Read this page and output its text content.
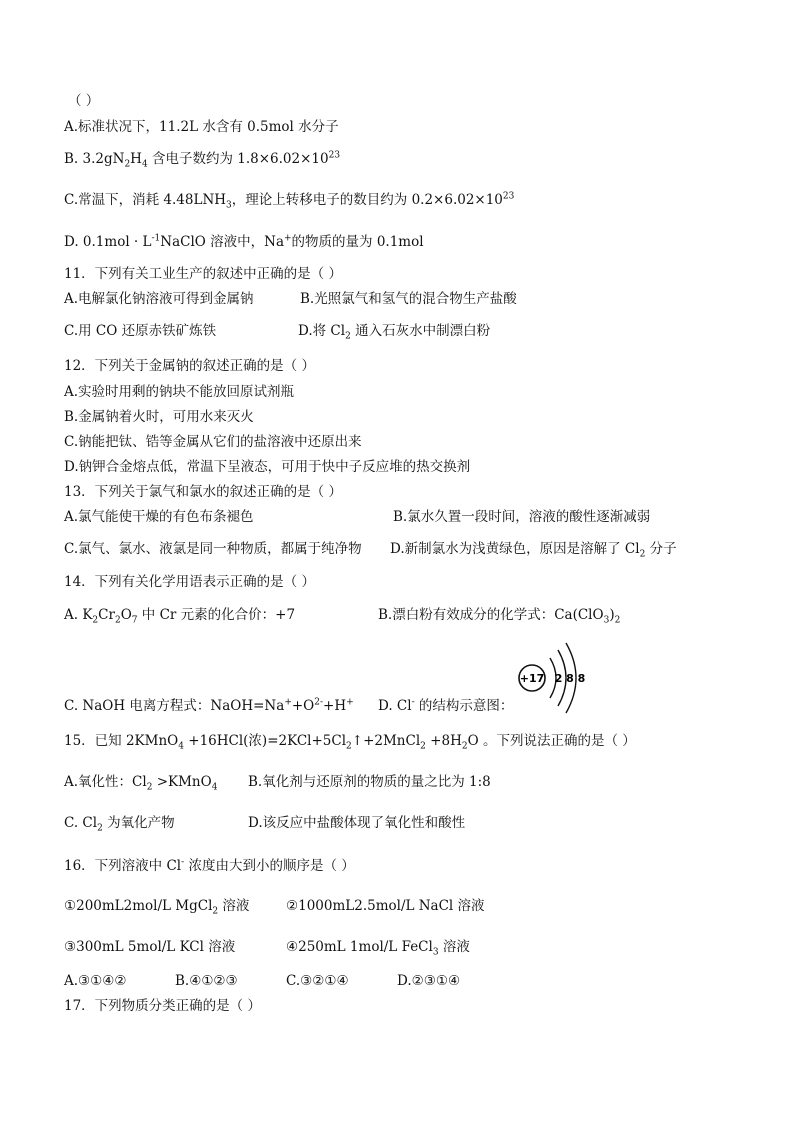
（ ）
A.标准状况下，11.2L 水含有 0.5mol 水分子
B. $3.2gN_2H_4$ 含电子数约为 $1.8\times 6.02\times 10^{23}$
C.常温下，消耗 $4.48LNH_3$，理论上转移电子的数目约为 $0.2\times 6.02\times 10^{23}$
D. $0.1mol \cdot L^{-1}NaClO$ 溶液中，Na+的物质的量为 0.1mol
11．下列有关工业生产的叙述中正确的是（ ）
A.电解氯化钠溶液可得到金属钠	B.光照氯气和氢气的混合物生产盐酸
C.用 CO 还原赤铁矿炼铁	D.将 $Cl_2$ 通入石灰水中制漂白粉
12．下列关于金属钠的叙述正确的是（ ）
A.实验时用剩的钠块不能放回原试剂瓶
B.金属钠着火时，可用水来灭火
C.钠能把钛、锆等金属从它们的盐溶液中还原出来
D.钠钾合金熔点低，常温下呈液态，可用于快中子反应堆的热交换剂
13．下列关于氯气和氯水的叙述正确的是（ ）
A.氯气能使干燥的有色布条褪色	B.氯水久置一段时间，溶液的酸性逐渐减弱
C.氯气、氯水、液氯是同一种物质，都属于纯净物 D.新制氯水为浅黄绿色，原因是溶解了 $Cl_2$ 分子
14．下列有关化学用语表示正确的是（ ）
A. $K_2Cr_2O_7$ 中 Cr 元素的化合价：+7	B.漂白粉有效成分的化学式：$Ca(ClO_3)_2$
C. NaOH 电离方程式：$NaOH=Na^++O^{2-}+H^+$ D. Cl- 的结构示意图：
+17 2 8 8
15．已知 2KMnO$_4$ +16HCl(浓)$=2KCl+5Cl_2↑+2MnCl_2 +8H_2O$ 。下列说法正确的是（ ）
A.氧化性：$Cl_2$ >KMnO$_4$ B.氧化剂与还原剂的物质的量之比为 1:8
C. $Cl_2$ 为氧化产物	D.该反应中盐酸体现了氧化性和酸性
16．下列溶液中 Cl- 浓度由大到小的顺序是（ ）
①200mL2mol/L MgCl$_2$ 溶液	②1000mL2.5mol/L NaCl 溶液
③300mL 5mol/L KCl 溶液	④250mL 1mol/L FeCl$_3$ 溶液
A.③①④②	B.④①②③	C.③②①④	D.②③①④
17．下列物质分类正确的是（ ）
